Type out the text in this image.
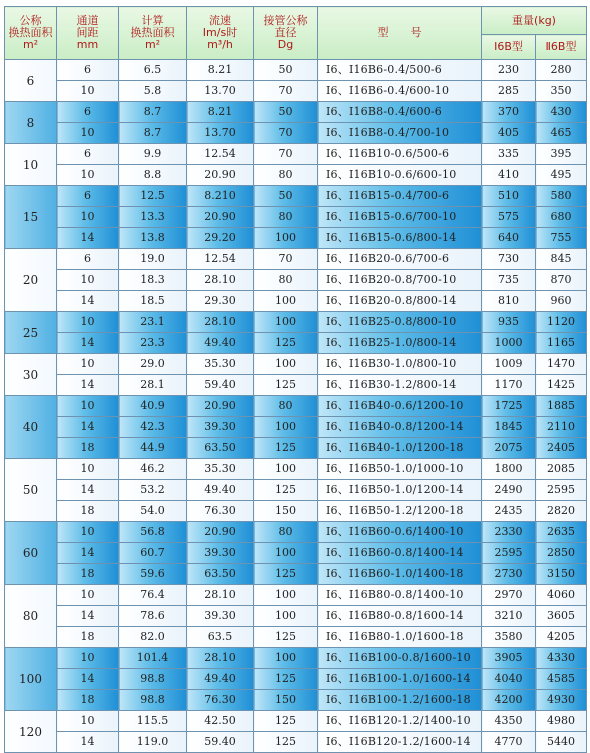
公称
换热面积
m²	通道
间距
mm	计算
换热面积
m²	流速
Im/s时
m³/h	接管公称
直径
Dg	型　　号	重量(kg)	
						Ⅰ6B型	Ⅱ6B型
6	6	6.5	8.21	50	Ⅰ6、Ⅰ16B6-0.4/500-6	230	280
	10	5.8	13.70	70	Ⅰ6、Ⅰ16B6-0.4/600-10	285	350
8	6	8.7	8.21	50	Ⅰ6、Ⅰ16B8-0.4/600-6	370	430
	10	8.7	13.70	70	Ⅰ6、Ⅰ16B8-0.4/700-10	405	465
10	6	9.9	12.54	70	Ⅰ6、Ⅰ16B10-0.6/500-6	335	395
	10	8.8	20.90	80	Ⅰ6、Ⅰ16B10-0.6/600-10	410	495
15	6	12.5	8.210	50	Ⅰ6、Ⅰ16B15-0.4/700-6	510	580
	10	13.3	20.90	80	Ⅰ6、Ⅰ16B15-0.6/700-10	575	680
	14	13.8	29.20	100	Ⅰ6、Ⅰ16B15-0.6/800-14	640	755
20	6	19.0	12.54	70	Ⅰ6、Ⅰ16B20-0.6/700-6	730	845
	10	18.3	28.10	80	Ⅰ6、Ⅰ16B20-0.8/700-10	735	870
	14	18.5	29.30	100	Ⅰ6、Ⅰ16B20-0.8/800-14	810	960
25	10	23.1	28.10	100	Ⅰ6、Ⅰ16B25-0.8/800-10	935	1120
	14	23.3	49.40	125	Ⅰ6、Ⅰ16B25-1.0/800-14	1000	1165
30	10	29.0	35.30	100	Ⅰ6、Ⅰ16B30-1.0/800-10	1009	1470
	14	28.1	59.40	125	Ⅰ6、Ⅰ16B30-1.2/800-14	1170	1425
40	10	40.9	20.90	80	Ⅰ6、Ⅰ16B40-0.6/1200-10	1725	1885
	14	42.3	39.30	100	Ⅰ6、Ⅰ16B40-0.8/1200-14	1845	2110
	18	44.9	63.50	125	Ⅰ6、Ⅰ16B40-1.0/1200-18	2075	2405
50	10	46.2	35.30	100	Ⅰ6、Ⅰ16B50-1.0/1000-10	1800	2085
	14	53.2	49.40	125	Ⅰ6、Ⅰ16B50-1.0/1200-14	2490	2595
	18	54.0	76.30	150	Ⅰ6、Ⅰ16B50-1.2/1200-18	2435	2820
60	10	56.8	20.90	80	Ⅰ6、Ⅰ16B60-0.6/1400-10	2330	2635
	14	60.7	39.30	100	Ⅰ6、Ⅰ16B60-0.8/1400-14	2595	2850
	18	59.6	63.50	125	Ⅰ6、Ⅰ16B60-1.0/1400-18	2730	3150
80	10	76.4	28.10	100	Ⅰ6、Ⅰ16B80-0.8/1400-10	2970	4060
	14	78.6	39.30	100	Ⅰ6、Ⅰ16B80-0.8/1600-14	3210	3605
	18	82.0	63.5	125	Ⅰ6、Ⅰ16B80-1.0/1600-18	3580	4205
100	10	101.4	28.10	100	Ⅰ6、Ⅰ16B100-0.8/1600-10	3905	4330
	14	98.8	49.40	125	Ⅰ6、Ⅰ16B100-1.0/1600-14	4040	4585
	18	98.8	76.30	150	Ⅰ6、Ⅰ16B100-1.2/1600-18	4200	4930
120	10	115.5	42.50	125	Ⅰ6、Ⅰ16B120-1.2/1400-10	4350	4980
	14	119.0	59.40	125	Ⅰ6、Ⅰ16B120-1.2/1600-14	4770	5440
